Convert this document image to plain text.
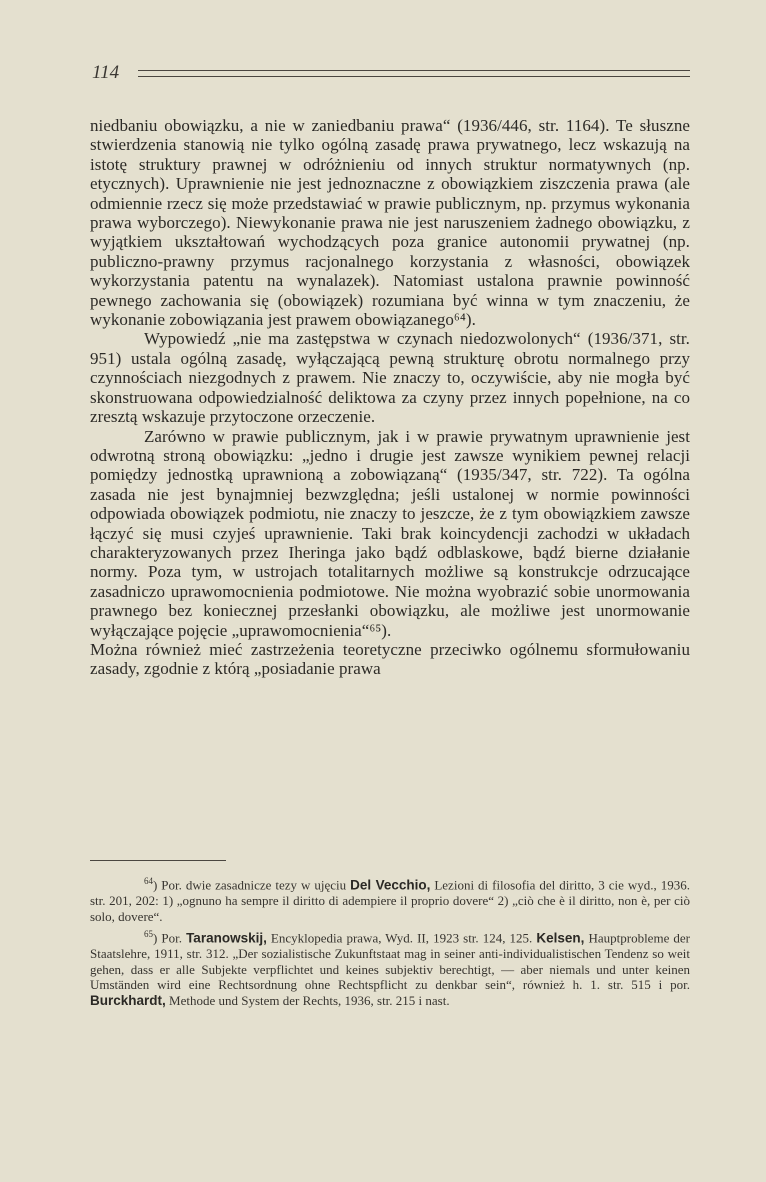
114

niedbaniu obowiązku, a nie w zaniedbaniu prawa“ (1936/446, str. 1164). Te słuszne stwierdzenia stanowią nie tylko ogólną zasadę prawa prywatnego, lecz wskazują na istotę struktury prawnej w odróżnieniu od innych struktur normatywnych (np. etycznych). Uprawnienie nie jest jednoznaczne z obowiązkiem ziszczenia prawa (ale odmiennie rzecz się może przedstawiać w prawie publicznym, np. przymus wykonania prawa wyborczego). Niewykonanie prawa nie jest naruszeniem żadnego obowiązku, z wyjątkiem ukształtowań wychodzących poza granice autonomii prywatnej (np. publiczno-prawny przymus racjonalnego korzystania z własności, obowiązek wykorzystania patentu na wynalazek). Natomiast ustalona prawnie powinność pewnego zachowania się (obowiązek) rozumiana być winna w tym znaczeniu, że wykonanie zobowiązania jest prawem obowiązanego⁶⁴).

Wypowiedź „nie ma zastępstwa w czynach niedozwolonych“ (1936/371, str. 951) ustala ogólną zasadę, wyłączającą pewną strukturę obrotu normalnego przy czynnościach niezgodnych z prawem. Nie znaczy to, oczywiście, aby nie mogła być skonstruowana odpowiedzialność deliktowa za czyny przez innych popełnione, na co zresztą wskazuje przytoczone orzeczenie.

Zarówno w prawie publicznym, jak i w prawie prywatnym uprawnienie jest odwrotną stroną obowiązku: „jedno i drugie jest zawsze wynikiem pewnej relacji pomiędzy jednostką uprawnioną a zobowiązaną“ (1935/347, str. 722). Ta ogólna zasada nie jest bynajmniej bezwzględna; jeśli ustalonej w normie powinności odpowiada obowiązek podmiotu, nie znaczy to jeszcze, że z tym obowiązkiem zawsze łączyć się musi czyjeś uprawnienie. Taki brak koincydencji zachodzi w układach charakteryzowanych przez Iheringa jako bądź odblaskowe, bądź bierne działanie normy. Poza tym, w ustrojach totalitarnych możliwe są konstrukcje odrzucające zasadniczo uprawomocnienia podmiotowe. Nie można wyobrazić sobie unormowania prawnego bez koniecznej przesłanki obowiązku, ale możliwe jest unormowanie wyłączające pojęcie „uprawomocnienia“⁶⁵).

Można również mieć zastrzeżenia teoretyczne przeciwko ogólnemu sformułowaniu zasady, zgodnie z którą „posiadanie prawa

$^{64}$) Por. dwie zasadnicze tezy w ujęciu Del Vecchio, Lezioni di filosofia del diritto, 3 cie wyd., 1936. str. 201, 202: 1) „ognuno ha sempre il diritto di adempiere il proprio dovere“ 2) „ciò che è il diritto, non è, per ciò solo, dovere“.

$^{65}$) Por. Taranowskij, Encyklopedia prawa, Wyd. II, 1923 str. 124, 125. Kelsen, Hauptprobleme der Staatslehre, 1911, str. 312. „Der sozialistische Zukunftstaat mag in seiner anti-individualistischen Tendenz so weit gehen, dass er alle Subjekte verpflichtet und keines subjektiv berechtigt, — aber niemals und unter keinen Umständen wird eine Rechtsordnung ohne Rechtspflicht zu denkbar sein“, również h. 1. str. 515 i por. Burckhardt, Methode und System der Rechts, 1936, str. 215 i nast.
